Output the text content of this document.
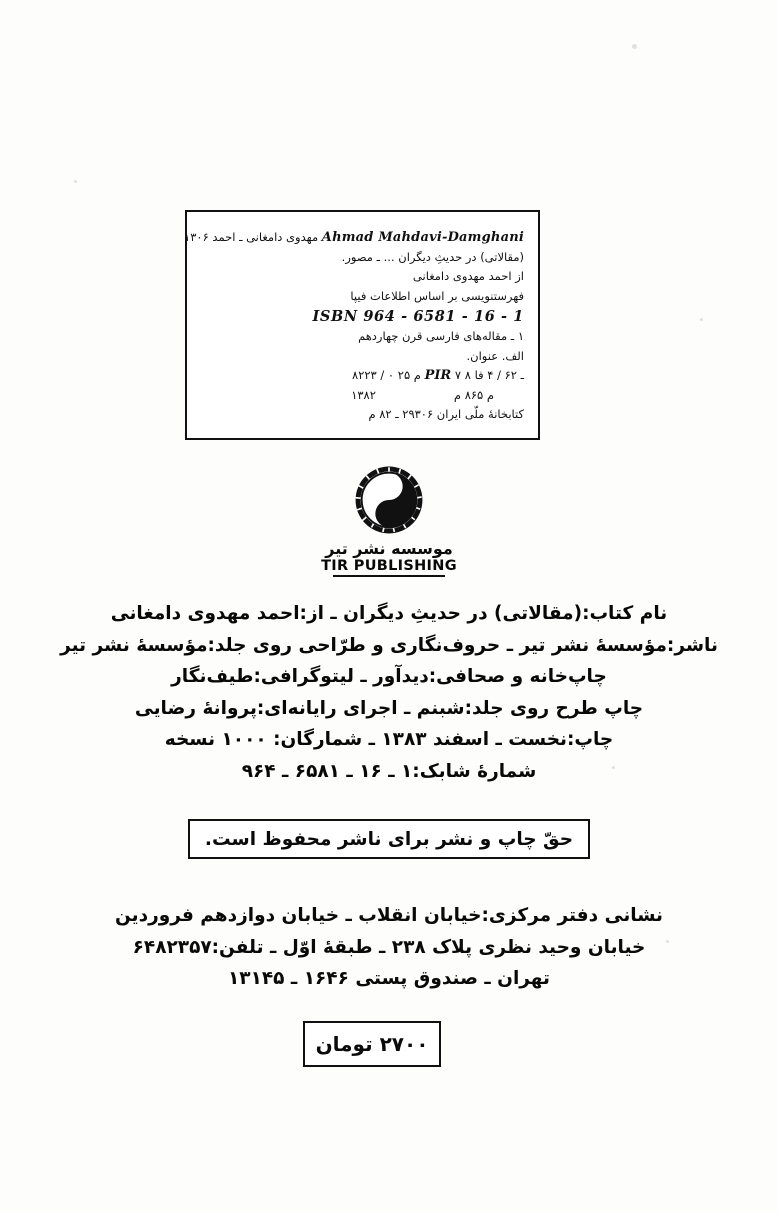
Ahmad Mahdavi-Damghani مهدوی دامغانی ـ احمد ۱۳۰۶
(مقالاتی) در حدیثِ دیگران ... ـ مصور.
از احمد مهدوی دامغانی
فهرستنویسی بر اساس اطلاعات فیپا
ISBN 964 - 6581 - 16 - 1
۱ ـ مقاله‌های فارسی قرن چهاردهم
الف. عنوان.
ـ ۶۲ / ۴ فا ۸ PIR ۷ م ۲۵ ۰ / ۸۲۲۳
م ۸۶۵ م
۱۳۸۲
کتابخانهٔ ملّی ایران ۲۹۳۰۶ ـ ۸۲ م
موسسه نشر تیر
TIR PUBLISHING
نام کتاب:(مقالاتی) در حدیثِ دیگران ـ از:احمد مهدوی دامغانی
ناشر:مؤسسهٔ نشر تیر ـ حروف‌نگاری و طرّاحی روی جلد:مؤسسهٔ نشر تیر
چاپ‌خانه و صحافی:دیدآور ـ لیتوگرافی:طیف‌نگار
چاپ طرح روی جلد:شبنم ـ اجرای رایانه‌ای:پروانهٔ رضایی
چاپ:نخست ـ اسفند ۱۳۸۳ ـ شمارگان: ۱۰۰۰ نسخه
شمارهٔ شابک:۱ ـ ۱۶ ـ ۶۵۸۱ ـ ۹۶۴
حقّ چاپ و نشر برای ناشر محفوظ است.
نشانی دفتر مرکزی:خیابان انقلاب ـ خیابان دوازدهم فروردین
خیابان وحید نظری پلاک ۲۳۸ ـ طبقهٔ اوّل ـ تلفن:۶۴۸۲۳۵۷
تهران ـ صندوق پستی ۱۶۴۶ ـ ۱۳۱۴۵
۲۷۰۰ تومان
